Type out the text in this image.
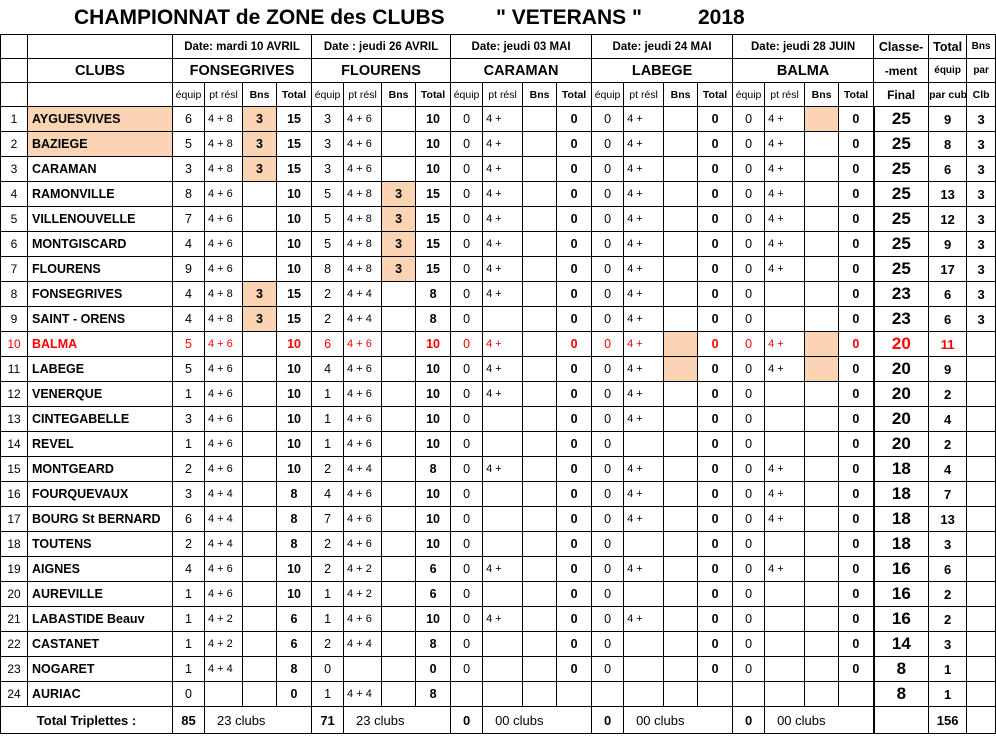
CHAMPIONNAT de ZONE des CLUBS " VETERANS "	2018
		Date: mardi 10 AVRIL				Date : jeudi 26 AVRIL				Date: jeudi 03 MAI				Date: jeudi 24 MAI				Date: jeudi 28 JUIN				Classe-	Total	Bns
	CLUBS	FONSEGRIVES				FLOURENS				CARAMAN				LABEGE				BALMA				-ment	équip	par
		équip	pt résl	Bns	Total	équip	pt résl	Bns	Total	équip	pt résl	Bns	Total	équip	pt résl	Bns	Total	équip	pt résl	Bns	Total	Final	par cub	Clb
1	AYGUESVIVES	6	4 + 8	3	15	3	4 + 6		10	0	4 +		0	0	4 +		0	0	4 +		0	25	9	3
2	BAZIEGE	5	4 + 8	3	15	3	4 + 6		10	0	4 +		0	0	4 +		0	0	4 +		0	25	8	3
3	CARAMAN	3	4 + 8	3	15	3	4 + 6		10	0	4 +		0	0	4 +		0	0	4 +		0	25	6	3
4	RAMONVILLE	8	4 + 6		10	5	4 + 8	3	15	0	4 +		0	0	4 +		0	0	4 +		0	25	13	3
5	VILLENOUVELLE	7	4 + 6		10	5	4 + 8	3	15	0	4 +		0	0	4 +		0	0	4 +		0	25	12	3
6	MONTGISCARD	4	4 + 6		10	5	4 + 8	3	15	0	4 +		0	0	4 +		0	0	4 +		0	25	9	3
7	FLOURENS	9	4 + 6		10	8	4 + 8	3	15	0	4 +		0	0	4 +		0	0	4 +		0	25	17	3
8	FONSEGRIVES	4	4 + 8	3	15	2	4 + 4		8	0	4 +		0	0	4 +		0	0			0	23	6	3
9	SAINT - ORENS	4	4 + 8	3	15	2	4 + 4		8	0			0	0	4 +		0	0			0	23	6	3
10	BALMA	5	4 + 6		10	6	4 + 6		10	0	4 +		0	0	4 +		0	0	4 +		0	20	11	
11	LABEGE	5	4 + 6		10	4	4 + 6		10	0	4 +		0	0	4 +		0	0	4 +		0	20	9	
12	VENERQUE	1	4 + 6		10	1	4 + 6		10	0	4 +		0	0	4 +		0	0			0	20	2	
13	CINTEGABELLE	3	4 + 6		10	1	4 + 6		10	0			0	0	4 +		0	0			0	20	4	
14	REVEL	1	4 + 6		10	1	4 + 6		10	0			0	0			0	0			0	20	2	
15	MONTGEARD	2	4 + 6		10	2	4 + 4		8	0	4 +		0	0	4 +		0	0	4 +		0	18	4	
16	FOURQUEVAUX	3	4 + 4		8	4	4 + 6		10	0			0	0	4 +		0	0	4 +		0	18	7	
17	BOURG St BERNARD	6	4 + 4		8	7	4 + 6		10	0			0	0	4 +		0	0	4 +		0	18	13	
18	TOUTENS	2	4 + 4		8	2	4 + 6		10	0			0	0			0	0			0	18	3	
19	AIGNES	4	4 + 6		10	2	4 + 2		6	0	4 +		0	0	4 +		0	0	4 +		0	16	6	
20	AUREVILLE	1	4 + 6		10	1	4 + 2		6	0			0	0			0	0			0	16	2	
21	LABASTIDE Beauv	1	4 + 2		6	1	4 + 6		10	0	4 +		0	0	4 +		0	0			0	16	2	
22	CASTANET	1	4 + 2		6	2	4 + 4		8	0			0	0			0	0			0	14	3	
23	NOGARET	1	4 + 4		8	0			0	0			0	0			0	0			0	8	1	
24	AURIAC	0			0	1	4 + 4		8													8	1	
Total Triplettes :		85	23 clubs			71	23 clubs			0	00 clubs			0	00 clubs			0	00 clubs				156	
